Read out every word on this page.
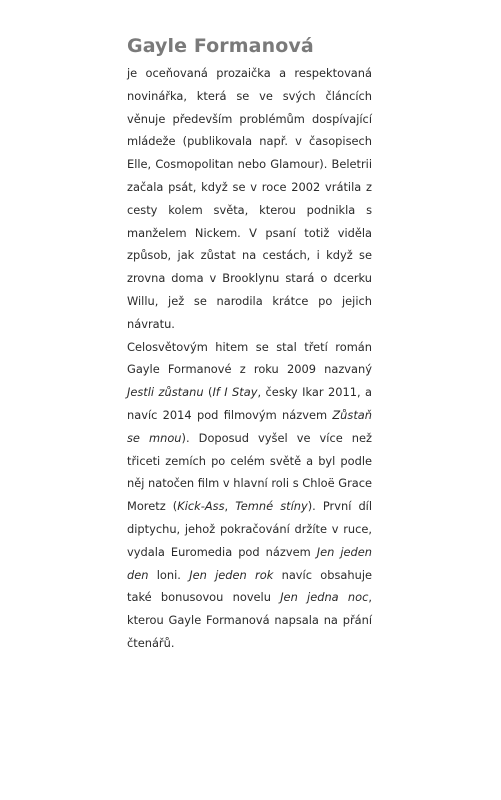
Gayle Formanová

je oceňovaná prozaička a respektovaná novinářka, která se ve svých článcích věnuje především problémům dospívající mládeže (publikovala např. v časopisech Elle, Cosmopolitan nebo Glamour). Beletrii začala psát, když se v roce 2002 vrátila z cesty kolem světa, kterou podnikla s manželem Nickem. V psaní totiž viděla způsob, jak zůstat na cestách, i když se zrovna doma v Brooklynu stará o dcerku Willu, jež se narodila krátce po jejich návratu.

Celosvětovým hitem se stal třetí román Gayle Formanové z roku 2009 nazvaný Jestli zůstanu (If I Stay, česky Ikar 2011, a navíc 2014 pod filmovým názvem Zůstaň se mnou). Doposud vyšel ve více než třiceti zemích po celém světě a byl podle něj natočen film v hlavní roli s Chloë Grace Moretz (Kick-Ass, Temné stíny). První díl diptychu, jehož pokračování držíte v ruce, vydala Euromedia pod názvem Jen jeden den loni. Jen jeden rok navíc obsahuje také bonusovou novelu Jen jedna noc, kterou Gayle Formanová napsala na přání čtenářů.
